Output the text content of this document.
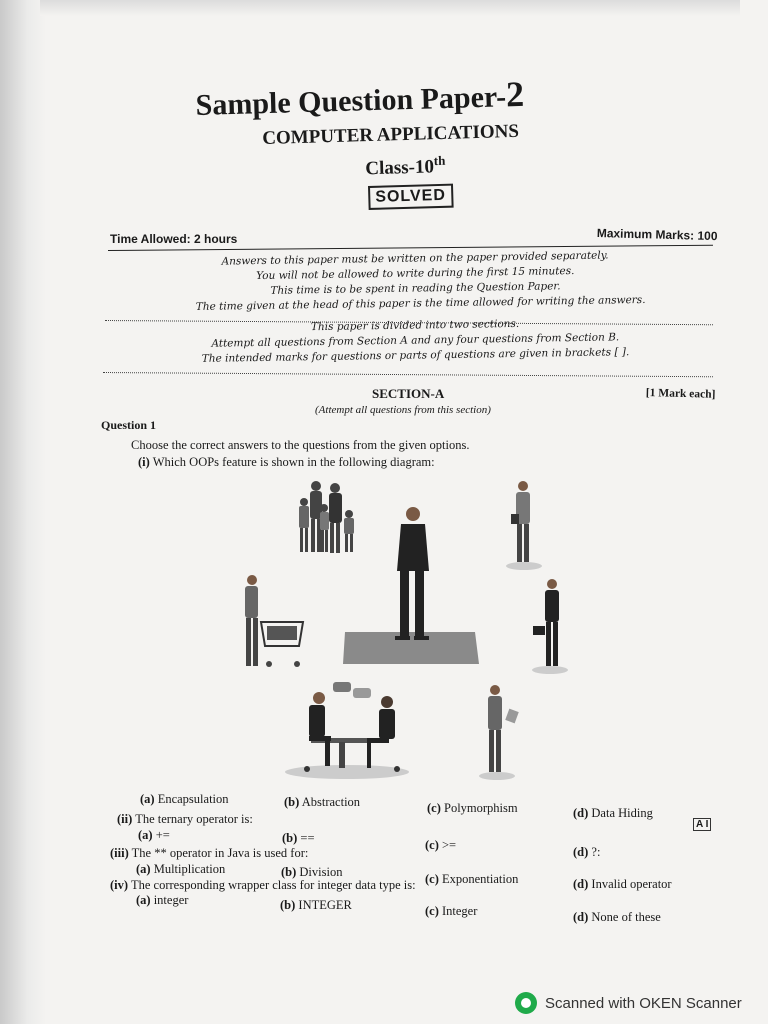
Sample Question Paper-2
COMPUTER APPLICATIONS
Class-10th
SOLVED
Time Allowed: 2 hours	Maximum Marks: 100
Answers to this paper must be written on the paper provided separately.
You will not be allowed to write during the first 15 minutes.
This time is to be spent in reading the Question Paper.
The time given at the head of this paper is the time allowed for writing the answers.
This paper is divided into two sections.
Attempt all questions from Section A and any four questions from Section B.
The intended marks for questions or parts of questions are given in brackets [ ].
SECTION-A	[1 Mark each]
(Attempt all questions from this section)
Question 1
Choose the correct answers to the questions from the given options.
(i) Which OOPs feature is shown in the following diagram:
(a) Encapsulation	(b) Abstraction	(c) Polymorphism	(d) Data Hiding
(ii) The ternary operator is:
(a) +=	(b) ==	(c) >=	(d) ?:
A I
(iii) The ** operator in Java is used for:
(a) Multiplication	(b) Division	(c) Exponentiation	(d) Invalid operator
(iv) The corresponding wrapper class for integer data type is:
(a) integer	(b) INTEGER	(c) Integer	(d) None of these
Scanned with OKEN Scanner
